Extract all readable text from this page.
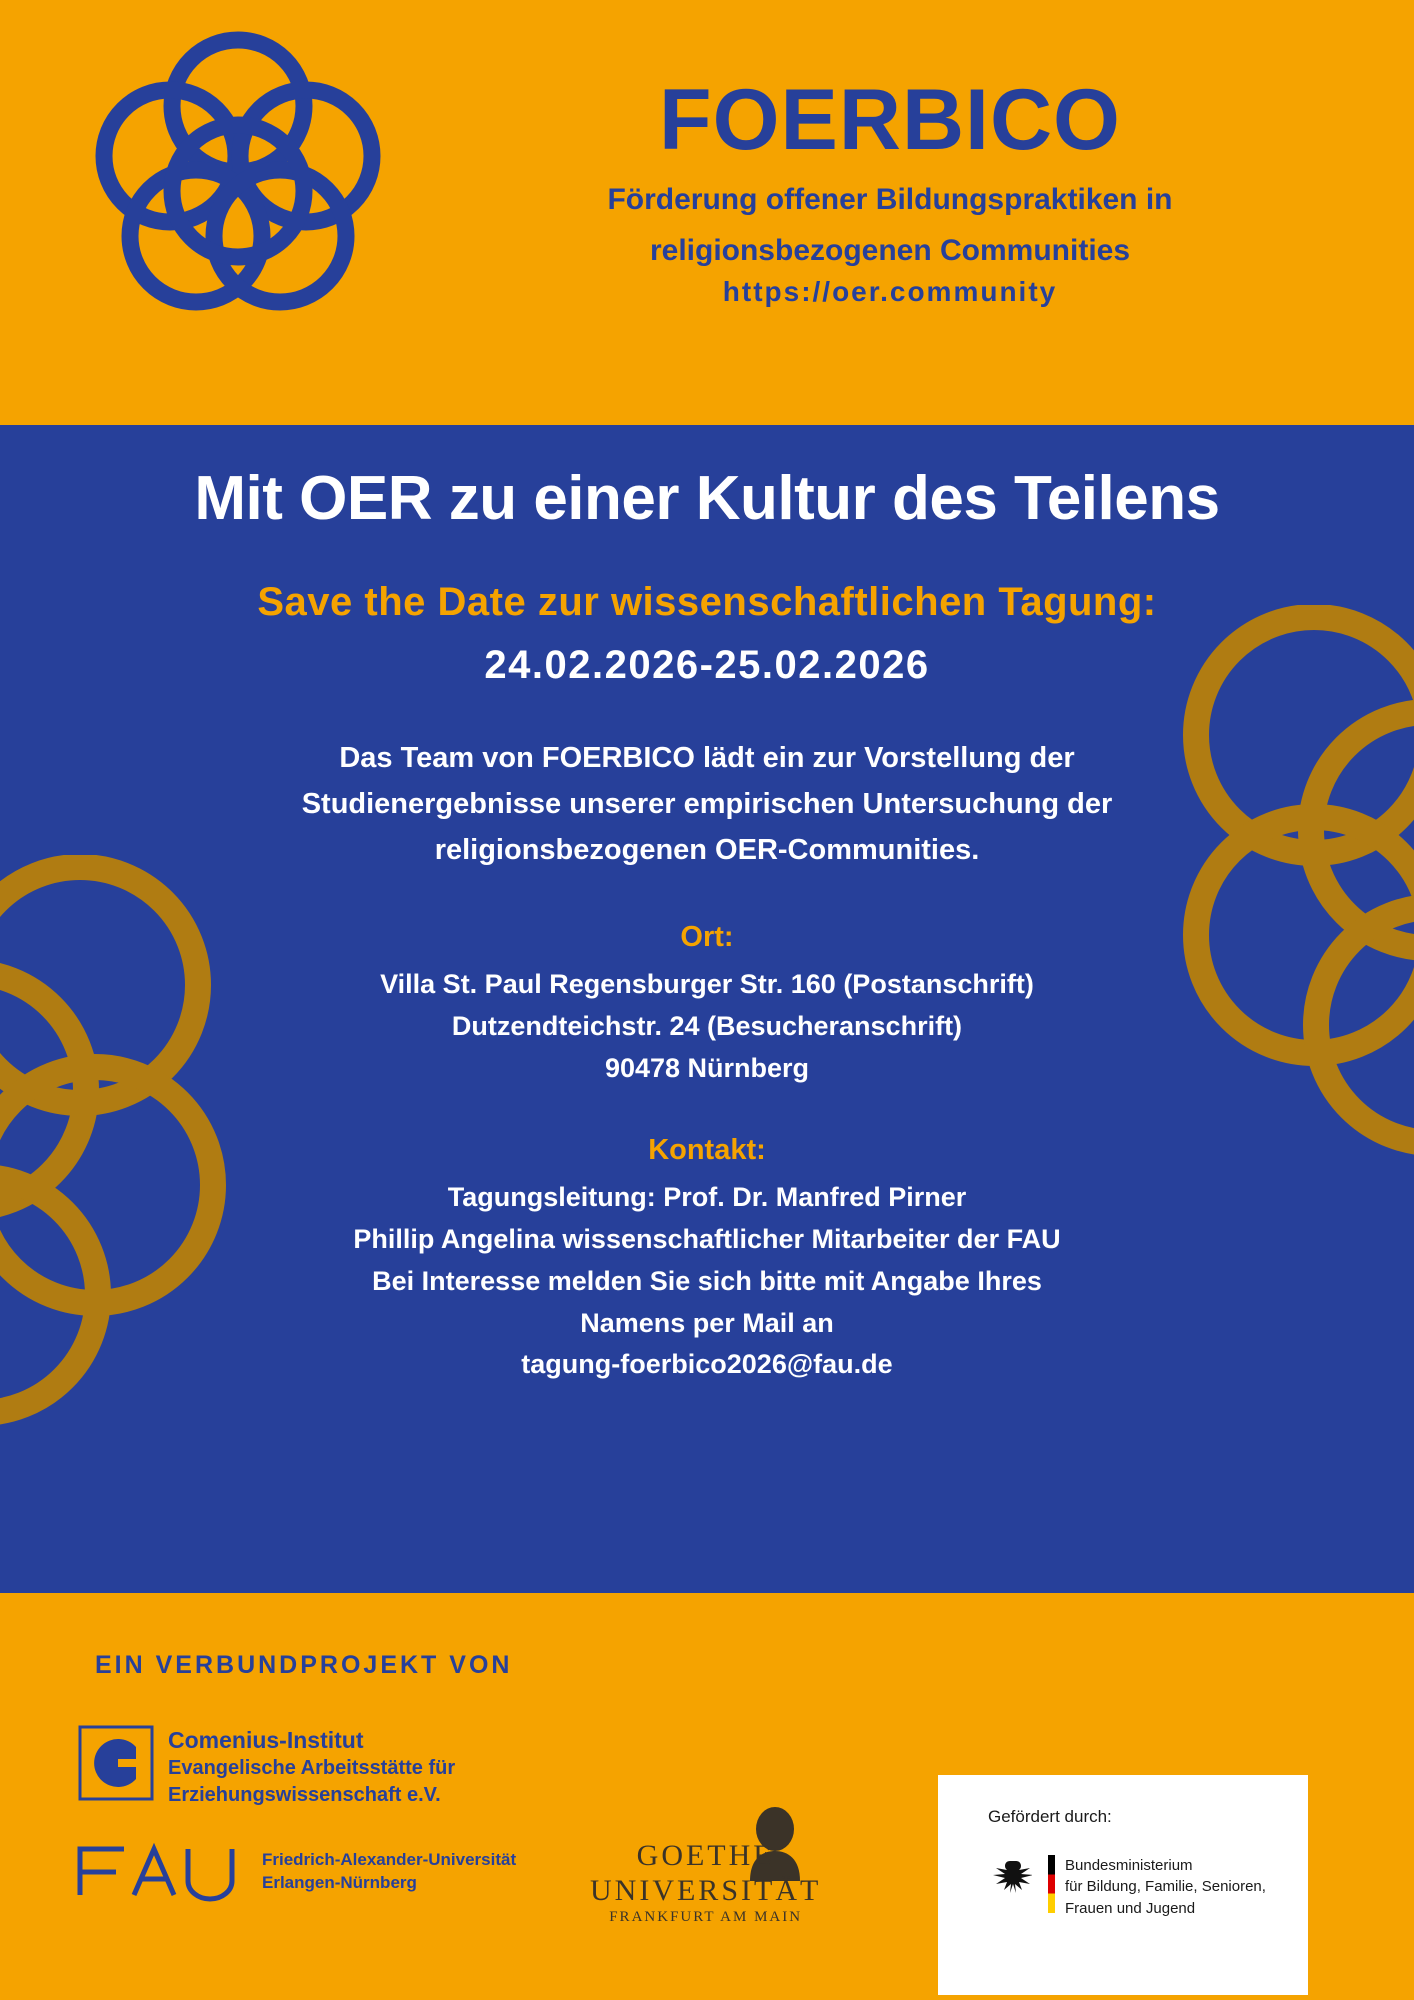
FOERBICO
Förderung offener Bildungspraktiken in
religionsbezogenen Communities
https://oer.community
Mit OER zu einer Kultur des Teilens
Save the Date zur wissenschaftlichen Tagung:
24.02.2026-25.02.2026
Das Team von FOERBICO lädt ein zur Vorstellung der
Studienergebnisse unserer empirischen Untersuchung der
religionsbezogenen OER-Communities.
Ort:
Villa St. Paul Regensburger Str. 160 (Postanschrift)
Dutzendteichstr. 24 (Besucheranschrift)
90478 Nürnberg
Kontakt:
Tagungsleitung: Prof. Dr. Manfred Pirner
Phillip Angelina wissenschaftlicher Mitarbeiter der FAU
Bei Interesse melden Sie sich bitte mit Angabe Ihres
Namens per Mail an
tagung-foerbico2026@fau.de
EIN VERBUNDPROJEKT VON
Comenius-Institut
Evangelische Arbeitsstätte für
Erziehungswissenschaft e.V.
Friedrich-Alexander-Universität
Erlangen-Nürnberg
GOETHE
UNIVERSITÄT
FRANKFURT AM MAIN
Gefördert durch:
Bundesministerium
für Bildung, Familie, Senioren,
Frauen und Jugend
